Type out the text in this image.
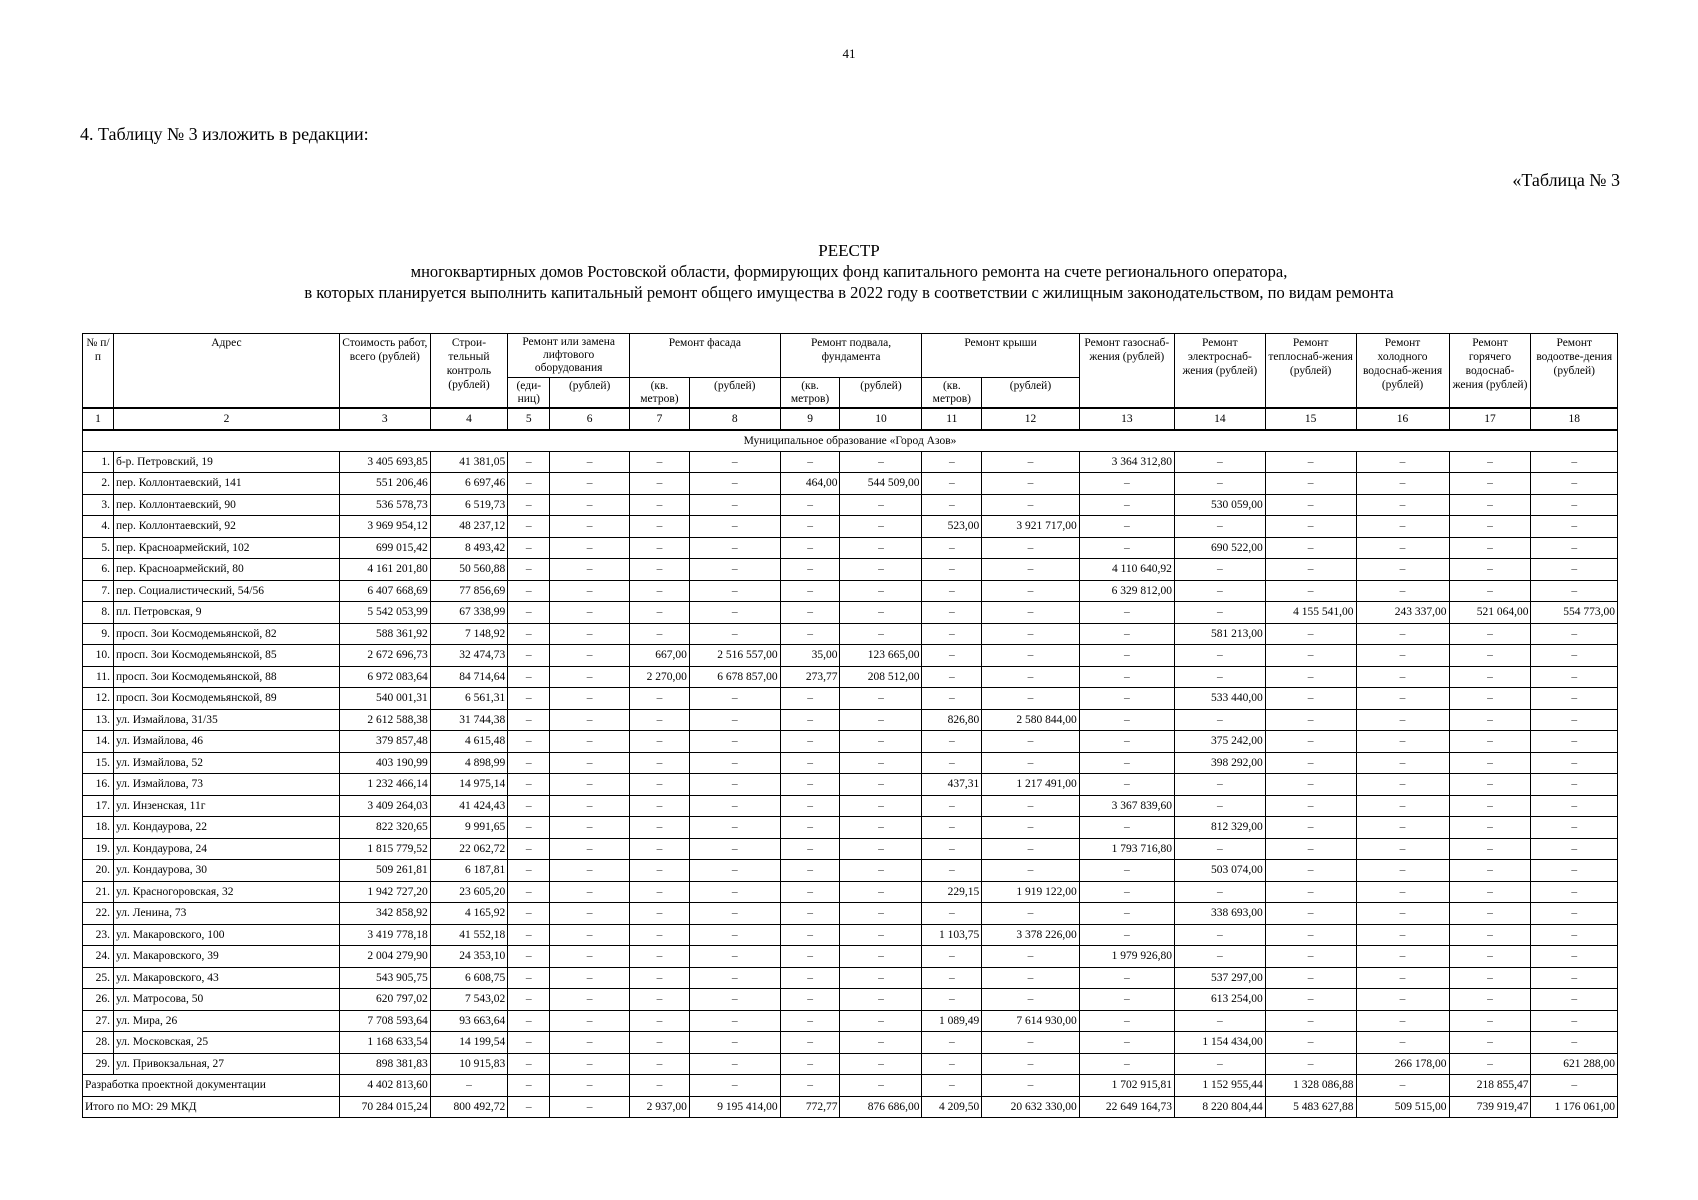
41
4. Таблицу № 3 изложить в редакции:
«Таблица № 3
РЕЕСТР
многоквартирных домов Ростовской области, формирующих фонд капитального ремонта на счете регионального оператора,
в которых планируется выполнить капитальный ремонт общего имущества в 2022 году в соответствии с жилищным законодательством, по видам ремонта
№ п/п	Адрес	Стоимость работ, всего (рублей)	Строи-тельный контроль (рублей)	Ремонт или замена лифтового оборудования		Ремонт фасада		Ремонт подвала, фундамента		Ремонт крыши		Ремонт газоснаб-жения (рублей)	Ремонт электроснаб-жения (рублей)	Ремонт теплоснаб-жения (рублей)	Ремонт холодного водоснаб-жения (рублей)	Ремонт горячего водоснаб-жения (рублей)	Ремонт водоотве-дения (рублей)
				(еди-ниц)	(рублей)	(кв. метров)	(рублей)	(кв. метров)	(рублей)	(кв. метров)	(рублей)						
1	2	3	4	5	6	7	8	9	10	11	12	13	14	15	16	17	18
Муниципальное образование «Город Азов»																	
1.	б-р. Петровский, 19	3 405 693,85	41 381,05	–	–	–	–	–	–	–	–	3 364 312,80	–	–	–	–	–
2.	пер. Коллонтаевский, 141	551 206,46	6 697,46	–	–	–	–	464,00	544 509,00	–	–	–	–	–	–	–	–
3.	пер. Коллонтаевский, 90	536 578,73	6 519,73	–	–	–	–	–	–	–	–	–	530 059,00	–	–	–	–
4.	пер. Коллонтаевский, 92	3 969 954,12	48 237,12	–	–	–	–	–	–	523,00	3 921 717,00	–	–	–	–	–	–
5.	пер. Красноармейский, 102	699 015,42	8 493,42	–	–	–	–	–	–	–	–	–	690 522,00	–	–	–	–
6.	пер. Красноармейский, 80	4 161 201,80	50 560,88	–	–	–	–	–	–	–	–	4 110 640,92	–	–	–	–	–
7.	пер. Социалистический, 54/56	6 407 668,69	77 856,69	–	–	–	–	–	–	–	–	6 329 812,00	–	–	–	–	–
8.	пл. Петровская, 9	5 542 053,99	67 338,99	–	–	–	–	–	–	–	–	–	–	4 155 541,00	243 337,00	521 064,00	554 773,00
9.	просп. Зои Космодемьянской, 82	588 361,92	7 148,92	–	–	–	–	–	–	–	–	–	581 213,00	–	–	–	–
10.	просп. Зои Космодемьянской, 85	2 672 696,73	32 474,73	–	–	667,00	2 516 557,00	35,00	123 665,00	–	–	–	–	–	–	–	–
11.	просп. Зои Космодемьянской, 88	6 972 083,64	84 714,64	–	–	2 270,00	6 678 857,00	273,77	208 512,00	–	–	–	–	–	–	–	–
12.	просп. Зои Космодемьянской, 89	540 001,31	6 561,31	–	–	–	–	–	–	–	–	–	533 440,00	–	–	–	–
13.	ул. Измайлова, 31/35	2 612 588,38	31 744,38	–	–	–	–	–	–	826,80	2 580 844,00	–	–	–	–	–	–
14.	ул. Измайлова, 46	379 857,48	4 615,48	–	–	–	–	–	–	–	–	–	375 242,00	–	–	–	–
15.	ул. Измайлова, 52	403 190,99	4 898,99	–	–	–	–	–	–	–	–	–	398 292,00	–	–	–	–
16.	ул. Измайлова, 73	1 232 466,14	14 975,14	–	–	–	–	–	–	437,31	1 217 491,00	–	–	–	–	–	–
17.	ул. Инзенская, 11г	3 409 264,03	41 424,43	–	–	–	–	–	–	–	–	3 367 839,60	–	–	–	–	–
18.	ул. Кондаурова, 22	822 320,65	9 991,65	–	–	–	–	–	–	–	–	–	812 329,00	–	–	–	–
19.	ул. Кондаурова, 24	1 815 779,52	22 062,72	–	–	–	–	–	–	–	–	1 793 716,80	–	–	–	–	–
20.	ул. Кондаурова, 30	509 261,81	6 187,81	–	–	–	–	–	–	–	–	–	503 074,00	–	–	–	–
21.	ул. Красногоровская, 32	1 942 727,20	23 605,20	–	–	–	–	–	–	229,15	1 919 122,00	–	–	–	–	–	–
22.	ул. Ленина, 73	342 858,92	4 165,92	–	–	–	–	–	–	–	–	–	338 693,00	–	–	–	–
23.	ул. Макаровского, 100	3 419 778,18	41 552,18	–	–	–	–	–	–	1 103,75	3 378 226,00	–	–	–	–	–	–
24.	ул. Макаровского, 39	2 004 279,90	24 353,10	–	–	–	–	–	–	–	–	1 979 926,80	–	–	–	–	–
25.	ул. Макаровского, 43	543 905,75	6 608,75	–	–	–	–	–	–	–	–	–	537 297,00	–	–	–	–
26.	ул. Матросова, 50	620 797,02	7 543,02	–	–	–	–	–	–	–	–	–	613 254,00	–	–	–	–
27.	ул. Мира, 26	7 708 593,64	93 663,64	–	–	–	–	–	–	1 089,49	7 614 930,00	–	–	–	–	–	–
28.	ул. Московская, 25	1 168 633,54	14 199,54	–	–	–	–	–	–	–	–	–	1 154 434,00	–	–	–	–
29.	ул. Привокзальная, 27	898 381,83	10 915,83	–	–	–	–	–	–	–	–	–	–	–	266 178,00	–	621 288,00
Разработка проектной документации		4 402 813,60	–	–	–	–	–	–	–	–	–	1 702 915,81	1 152 955,44	1 328 086,88	–	218 855,47	–
Итого по МО: 29 МКД		70 284 015,24	800 492,72	–	–	2 937,00	9 195 414,00	772,77	876 686,00	4 209,50	20 632 330,00	22 649 164,73	8 220 804,44	5 483 627,88	509 515,00	739 919,47	1 176 061,00
